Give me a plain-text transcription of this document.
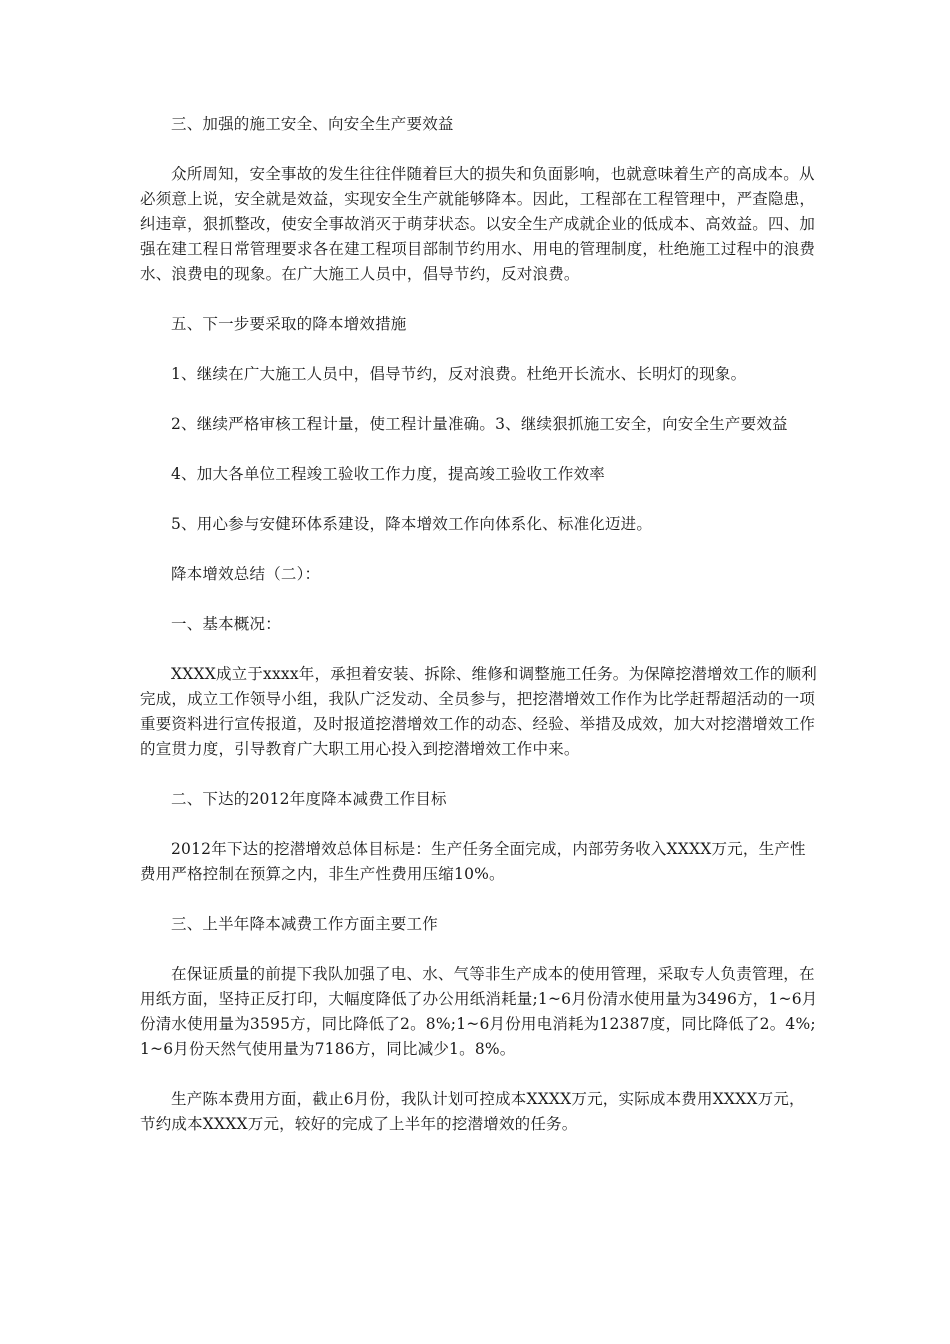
三、加强的施工安全、向安全生产要效益

众所周知，安全事故的发生往往伴随着巨大的损失和负面影响，也就意味着生产的高成本。从必须意上说，安全就是效益，实现安全生产就能够降本。因此，工程部在工程管理中，严查隐患，纠违章，狠抓整改，使安全事故消灭于萌芽状态。以安全生产成就企业的低成本、高效益。四、加强在建工程日常管理要求各在建工程项目部制节约用水、用电的管理制度，杜绝施工过程中的浪费水、浪费电的现象。在广大施工人员中，倡导节约，反对浪费。

五、下一步要采取的降本增效措施

1、继续在广大施工人员中，倡导节约，反对浪费。杜绝开长流水、长明灯的现象。

2、继续严格审核工程计量，使工程计量准确。3、继续狠抓施工安全，向安全生产要效益

4、加大各单位工程竣工验收工作力度，提高竣工验收工作效率

5、用心参与安健环体系建设，降本增效工作向体系化、标准化迈进。

降本增效总结（二）：

一、基本概况：

XXXX成立于xxxx年，承担着安装、拆除、维修和调整施工任务。为保障挖潜增效工作的顺利完成，成立工作领导小组，我队广泛发动、全员参与，把挖潜增效工作作为比学赶帮超活动的一项重要资料进行宣传报道，及时报道挖潜增效工作的动态、经验、举措及成效，加大对挖潜增效工作的宣贯力度，引导教育广大职工用心投入到挖潜增效工作中来。

二、下达的2012年度降本减费工作目标

2012年下达的挖潜增效总体目标是：生产任务全面完成，内部劳务收入XXXX万元，生产性费用严格控制在预算之内，非生产性费用压缩10%。

三、上半年降本减费工作方面主要工作

在保证质量的前提下我队加强了电、水、气等非生产成本的使用管理，采取专人负责管理，在用纸方面，坚持正反打印，大幅度降低了办公用纸消耗量;1~6月份清水使用量为3496方，1~6月份清水使用量为3595方，同比降低了2。8%;1~6月份用电消耗为12387度，同比降低了2。4%;1~6月份天然气使用量为7186方，同比减少1。8%。

生产陈本费用方面，截止6月份，我队计划可控成本XXXX万元，实际成本费用XXXX万元，节约成本XXXX万元，较好的完成了上半年的挖潜增效的任务。
